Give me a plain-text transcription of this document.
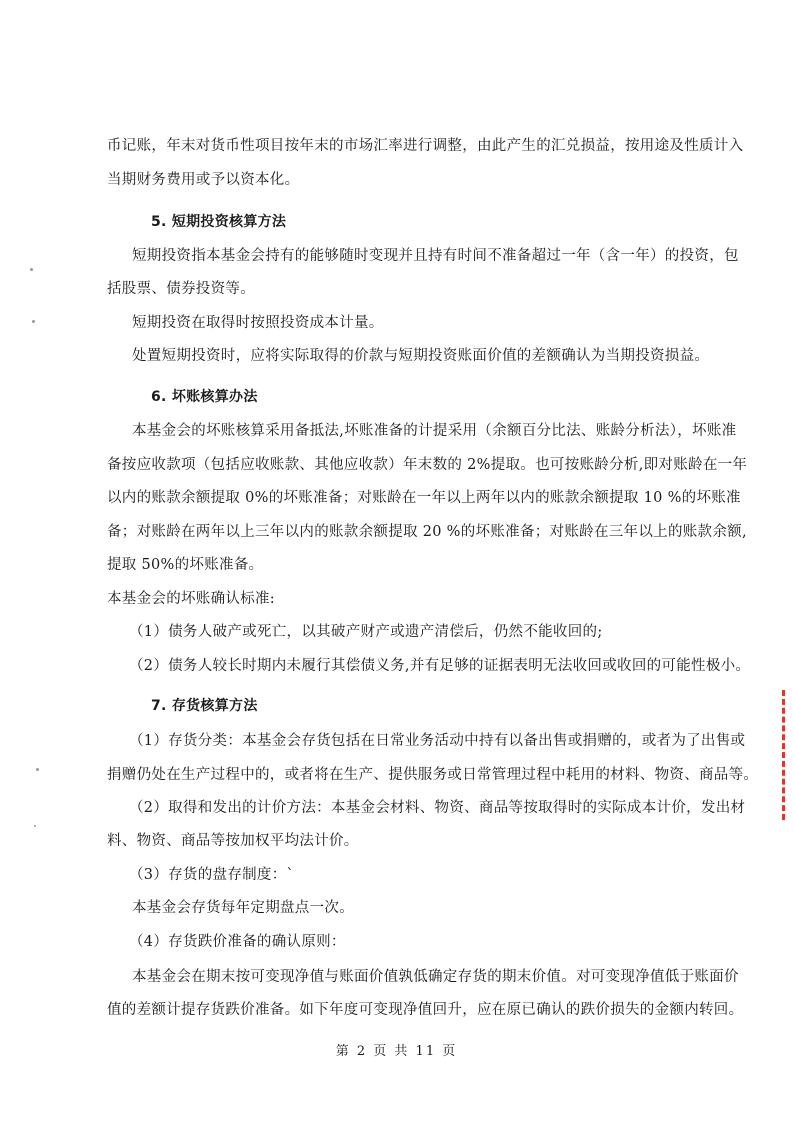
币记账，年末对货币性项目按年末的市场汇率进行调整，由此产生的汇兑损益，按用途及性质计入
当期财务费用或予以资本化。
5. 短期投资核算方法
短期投资指本基金会持有的能够随时变现并且持有时间不准备超过一年（含一年）的投资，包
括股票、债券投资等。
短期投资在取得时按照投资成本计量。
处置短期投资时，应将实际取得的价款与短期投资账面价值的差额确认为当期投资损益。
6. 坏账核算办法
本基金会的坏账核算采用备抵法,坏账准备的计提采用（余额百分比法、账龄分析法），坏账准
备按应收款项（包括应收账款、其他应收款）年末数的 2%提取。也可按账龄分析,即对账龄在一年
以内的账款余额提取 0%的坏账准备；对账龄在一年以上两年以内的账款余额提取 10 %的坏账准
备；对账龄在两年以上三年以内的账款余额提取 20 %的坏账准备；对账龄在三年以上的账款余额,
提取 50%的坏账准备。
本基金会的坏账确认标准:
（1）债务人破产或死亡，以其破产财产或遗产清偿后，仍然不能收回的;
（2）债务人较长时期内未履行其偿债义务,并有足够的证据表明无法收回或收回的可能性极小。
7. 存货核算方法
（1）存货分类：本基金会存货包括在日常业务活动中持有以备出售或捐赠的，或者为了出售或
捐赠仍处在生产过程中的，或者将在生产、提供服务或日常管理过程中耗用的材料、物资、商品等。
（2）取得和发出的计价方法：本基金会材料、物资、商品等按取得时的实际成本计价，发出材
料、物资、商品等按加权平均法计价。
（3）存货的盘存制度：`
本基金会存货每年定期盘点一次。
（4）存货跌价准备的确认原则：
本基金会在期末按可变现净值与账面价值孰低确定存货的期末价值。对可变现净值低于账面价
值的差额计提存货跌价准备。如下年度可变现净值回升，应在原已确认的跌价损失的金额内转回。
第 2 页 共 11 页
